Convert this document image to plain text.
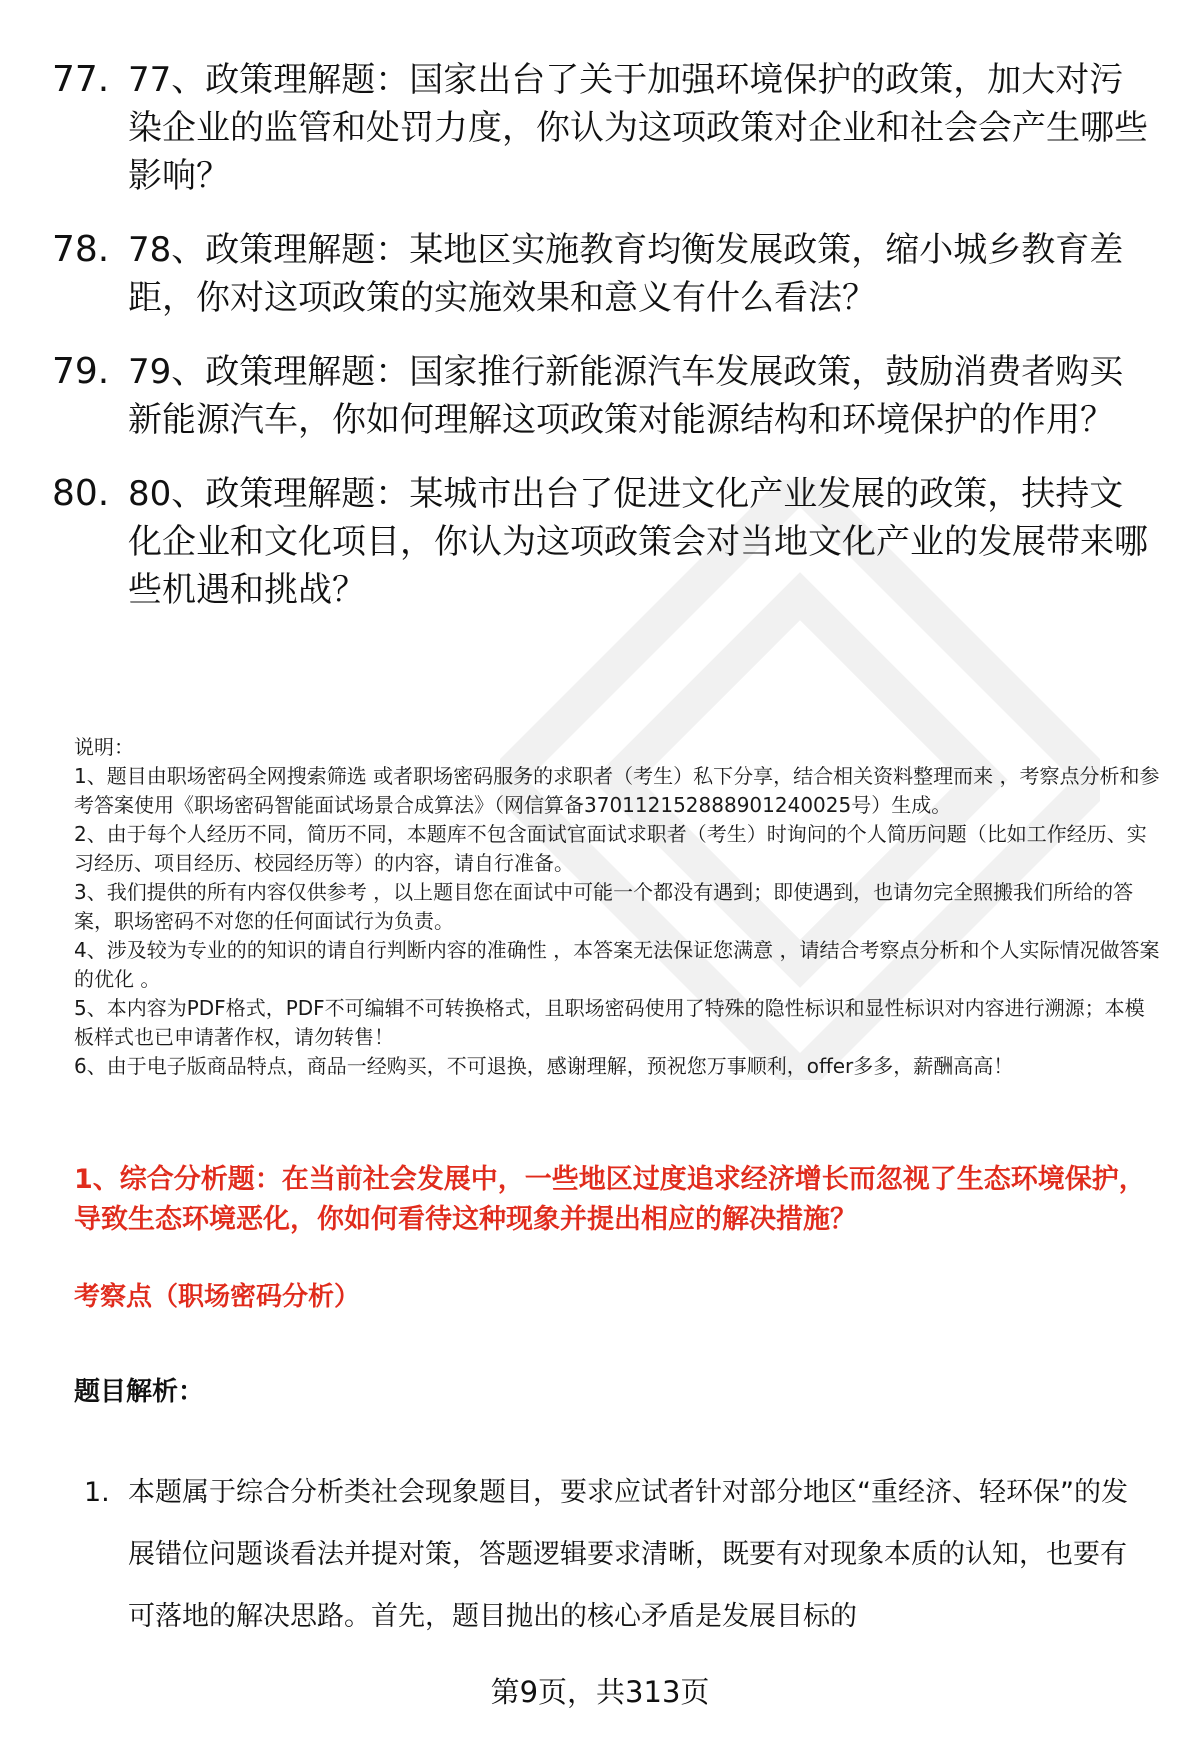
77. 77、政策理解题：国家出台了关于加强环境保护的政策，加大对污染企业的监管和处罚力度，你认为这项政策对企业和社会会产生哪些影响？
78. 78、政策理解题：某地区实施教育均衡发展政策，缩小城乡教育差距，你对这项政策的实施效果和意义有什么看法？
79. 79、政策理解题：国家推行新能源汽车发展政策，鼓励消费者购买新能源汽车，你如何理解这项政策对能源结构和环境保护的作用？
80. 80、政策理解题：某城市出台了促进文化产业发展的政策，扶持文化企业和文化项目，你认为这项政策会对当地文化产业的发展带来哪些机遇和挑战？

说明：

1、题目由职场密码全网搜索筛选 或者职场密码服务的求职者（考生）私下分享，结合相关资料整理而来 ，考察点分析和参考答案使用《职场密码智能面试场景合成算法》（网信算备370112152888901240025号）生成。

2、由于每个人经历不同，简历不同，本题库不包含面试官面试求职者（考生）时询问的个人简历问题（比如工作经历、实习经历、项目经历、校园经历等）的内容，请自行准备。

3、我们提供的所有内容仅供参考 ，以上题目您在面试中可能一个都没有遇到；即使遇到，也请勿完全照搬我们所给的答案，职场密码不对您的任何面试行为负责。

4、涉及较为专业的的知识的请自行判断内容的准确性 ，本答案无法保证您满意 ，请结合考察点分析和个人实际情况做答案的优化 。

5、本内容为PDF格式，PDF不可编辑不可转换格式，且职场密码使用了特殊的隐性标识和显性标识对内容进行溯源；本模板样式也已申请著作权，请勿转售！

6、由于电子版商品特点，商品一经购买，不可退换，感谢理解，预祝您万事顺利，offer多多，薪酬高高！

1、综合分析题：在当前社会发展中，一些地区过度追求经济增长而忽视了生态环境保护，导致生态环境恶化，你如何看待这种现象并提出相应的解决措施？
考察点（职场密码分析）
题目解析：
1. 本题属于综合分析类社会现象题目，要求应试者针对部分地区“重经济、轻环保”的发展错位问题谈看法并提对策，答题逻辑要求清晰，既要有对现象本质的认知，也要有可落地的解决思路。首先，题目抛出的核心矛盾是发展目标的
第9页，共313页
